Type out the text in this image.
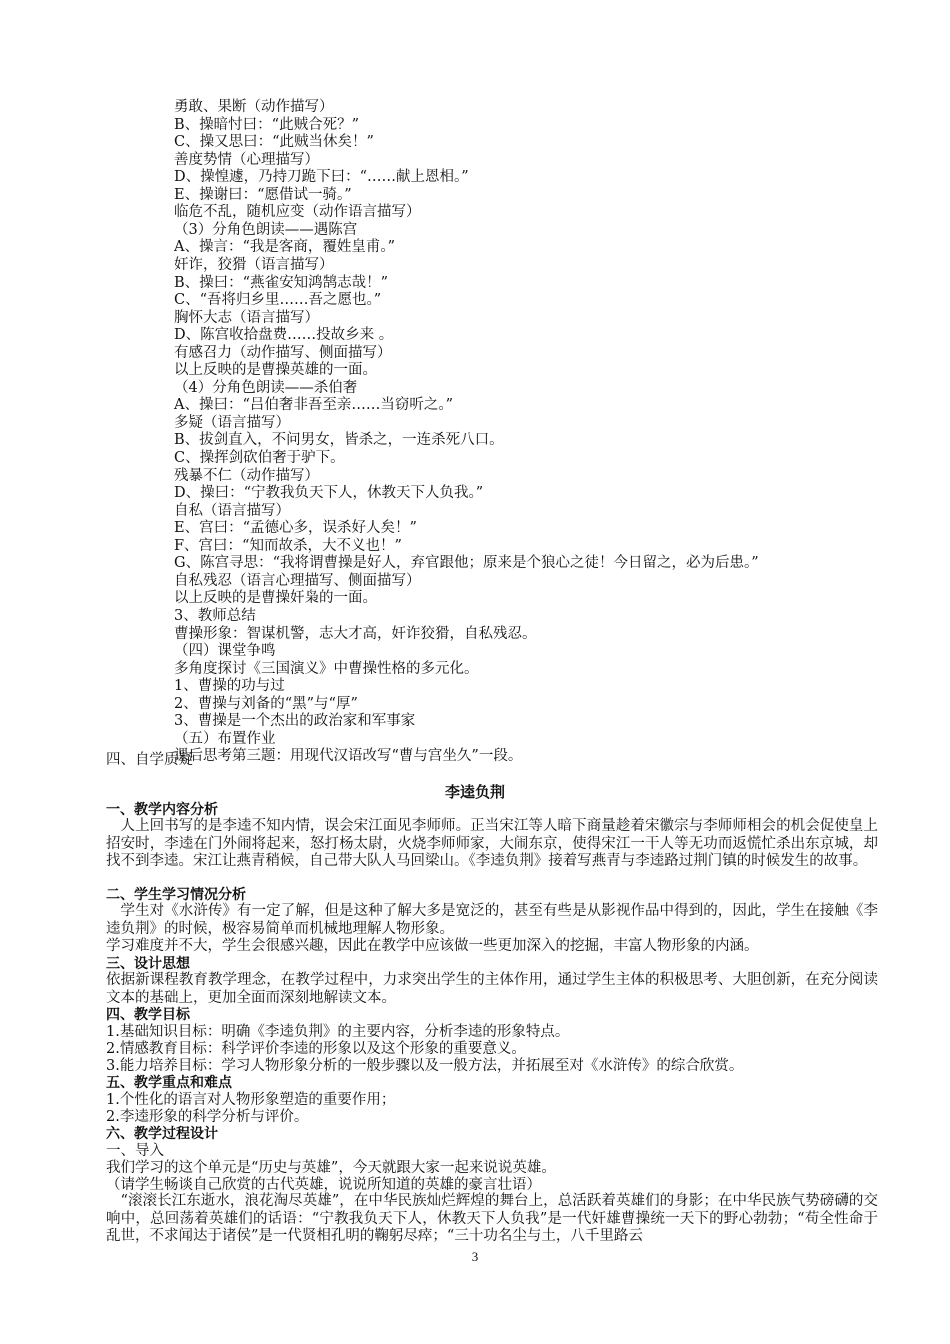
勇敢、果断（动作描写）
B、操暗忖曰：“此贼合死？”
C、操又思曰：“此贼当休矣！”
善度势情（心理描写）
D、操惶遽，乃持刀跪下曰：“……献上恩相。”
E、操谢曰：“愿借试一骑。”
临危不乱，随机应变（动作语言描写）
（3）分角色朗读——遇陈宫
A、操言：“我是客商，覆姓皇甫。”
奸诈，狡猾（语言描写）
B、操曰：“燕雀安知鸿鹄志哉！”
C、“吾将归乡里……吾之愿也。”
胸怀大志（语言描写）
D、陈宫收拾盘费……投故乡来 。
有感召力（动作描写、侧面描写）
以上反映的是曹操英雄的一面。
（4）分角色朗读——杀伯奢
A、操曰：“吕伯奢非吾至亲……当窃听之。”
多疑（语言描写）
B、拔剑直入，不问男女，皆杀之，一连杀死八口。
C、操挥剑砍伯奢于驴下。
残暴不仁（动作描写）
D、操曰：“宁教我负天下人，休教天下人负我。”
自私（语言描写）
E、宫曰：“孟德心多，误杀好人矣！”
F、宫曰：“知而故杀，大不义也！”
G、陈宫寻思：“我将谓曹操是好人，弃官跟他；原来是个狼心之徒！今日留之，必为后患。”
自私残忍（语言心理描写、侧面描写）
以上反映的是曹操奸枭的一面。
3、教师总结
曹操形象：智谋机警，志大才高，奸诈狡猾，自私残忍。
（四）课堂争鸣
多角度探讨《三国演义》中曹操性格的多元化。
1、曹操的功与过
2、曹操与刘备的“黑”与“厚”
3、曹操是一个杰出的政治家和军事家
（五）布置作业
课后思考第三题：用现代汉语改写“曹与宫坐久”一段。
四、自学质疑
李逵负荆
一、教学内容分析
人上回书写的是李逵不知内情，误会宋江面见李师师。正当宋江等人暗下商量趁着宋徽宗与李师师相会的机会促使皇上招安时，李逵在门外闹将起来，怒打杨太尉，火烧李师师家，大闹东京，使得宋江一干人等无功而返慌忙杀出东京城，却找不到李逵。宋江让燕青稍候，自己带大队人马回梁山。《李逵负荆》接着写燕青与李逵路过荆门镇的时候发生的故事。
二、学生学习情况分析
学生对《水浒传》有一定了解，但是这种了解大多是宽泛的，甚至有些是从影视作品中得到的，因此，学生在接触《李逵负荆》的时候，极容易简单而机械地理解人物形象。
学习难度并不大，学生会很感兴趣，因此在教学中应该做一些更加深入的挖掘，丰富人物形象的内涵。
三、设计思想
依据新课程教育教学理念，在教学过程中，力求突出学生的主体作用，通过学生主体的积极思考、大胆创新，在充分阅读文本的基础上，更加全面而深刻地解读文本。
四、教学目标
1.基础知识目标：明确《李逵负荆》的主要内容，分析李逵的形象特点。
2.情感教育目标：科学评价李逵的形象以及这个形象的重要意义。
3.能力培养目标：学习人物形象分析的一般步骤以及一般方法，并拓展至对《水浒传》的综合欣赏。
五、教学重点和难点
1.个性化的语言对人物形象塑造的重要作用；
2.李逵形象的科学分析与评价。
六、教学过程设计
一、导入
我们学习的这个单元是“历史与英雄”，今天就跟大家一起来说说英雄。
（请学生畅谈自己欣赏的古代英雄，说说所知道的英雄的豪言壮语）
“滚滚长江东逝水，浪花淘尽英雄”，在中华民族灿烂辉煌的舞台上，总活跃着英雄们的身影；在中华民族气势磅礴的交响中，总回荡着英雄们的话语：“宁教我负天下人，休教天下人负我”是一代奸雄曹操统一天下的野心勃勃；“苟全性命于乱世，不求闻达于诸侯”是一代贤相孔明的鞠躬尽瘁；“三十功名尘与土，八千里路云
3
